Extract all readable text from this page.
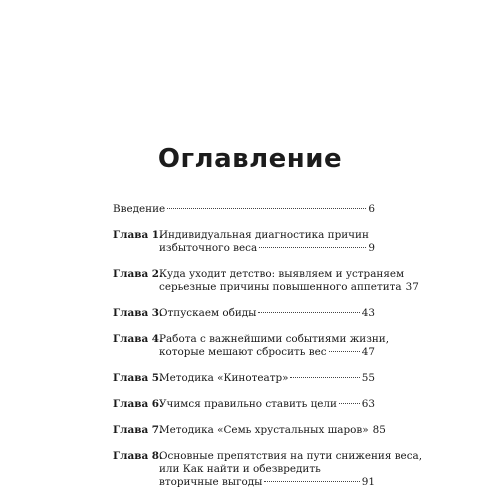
Оглавление
Введение	6
Глава 1.
Индивидуальная диагностика причин
избыточного веса	9
Глава 2.
Куда уходит детство: выявляем и устраняем
серьезные причины повышенного аппетита 37
Глава 3.
Отпускаем обиды	43
Глава 4.
Работа с важнейшими событиями жизни,
которые мешают сбросить вес	47
Глава 5.
Методика «Кинотеатр»	55
Глава 6.
Учимся правильно ставить цели 63
Глава 7.
Методика «Семь хрустальных шаров» 85
Глава 8.
Основные препятствия на пути снижения веса,
или Как найти и обезвредить
вторичные выгоды	91
